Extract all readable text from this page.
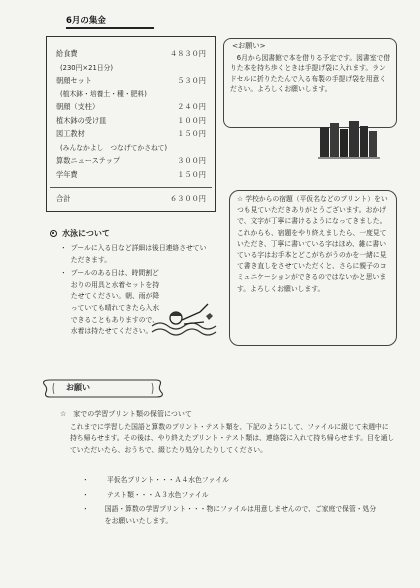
6月の集金
給食費	４８３０円
(230円×21日分)
朝顔セット	５３０円
(植木鉢・培養土・種・肥料)
朝顔（支柱）	２４０円
植木鉢の受け皿	１００円
図工教材	１５０円
(みんなかよし　つなげてかさねて)
算数ニューステップ	３００円
学年費	１５０円
合計	６３００円
<お願い>
　6月から図書館で本を借りる予定です。図書室で借りた本を持ち歩くときは手提げ袋に入れます。ランドセルに折りたたんで入る布製の手提げ袋を用意ください。よろしくお願いします。
☆ 学校からの宿題（平仮名などのプリント）をいつも見ていただきありがとうございます。おかげで、文字が丁寧に書けるようになってきました。これからも、宿題をやり終えましたら、一度見ていただき、丁寧に書いている字はほめ、雑に書いている字はお手本とどこがちがうのかを一緒に見て書き直しをさせていただくと、さらに親子のコミュニケーションができるのではないかと思います。よろしくお願いします。
水泳について
・ プールに入る日など詳細は後日連絡させていただきます。
・ プールのある日は、時間割どおりの用具と水着セットを持たせてください。朝、雨が降っていても晴れてきたら入水できることもありますので、水着は持たせてください。
お願い
☆　家での学習プリント類の保管について
これまでに学習した国語と算数のプリント・テスト類を、下記のようにして、ファイルに綴じて未週中に持ち帰らせます。その後は、やり終えたプリント・テスト類は、連絡袋に入れて持ち帰らせます。目を通していただいたら、おうちで、綴じたり処分したりしてください。
・	平仮名プリント・・・Ａ４水色ファイル
・	テスト類・・・Ａ３水色ファイル
・ 国語・算数の学習プリント・・・物にファイルは用意しませんので、ご家庭で保管・処分をお願いいたします。
